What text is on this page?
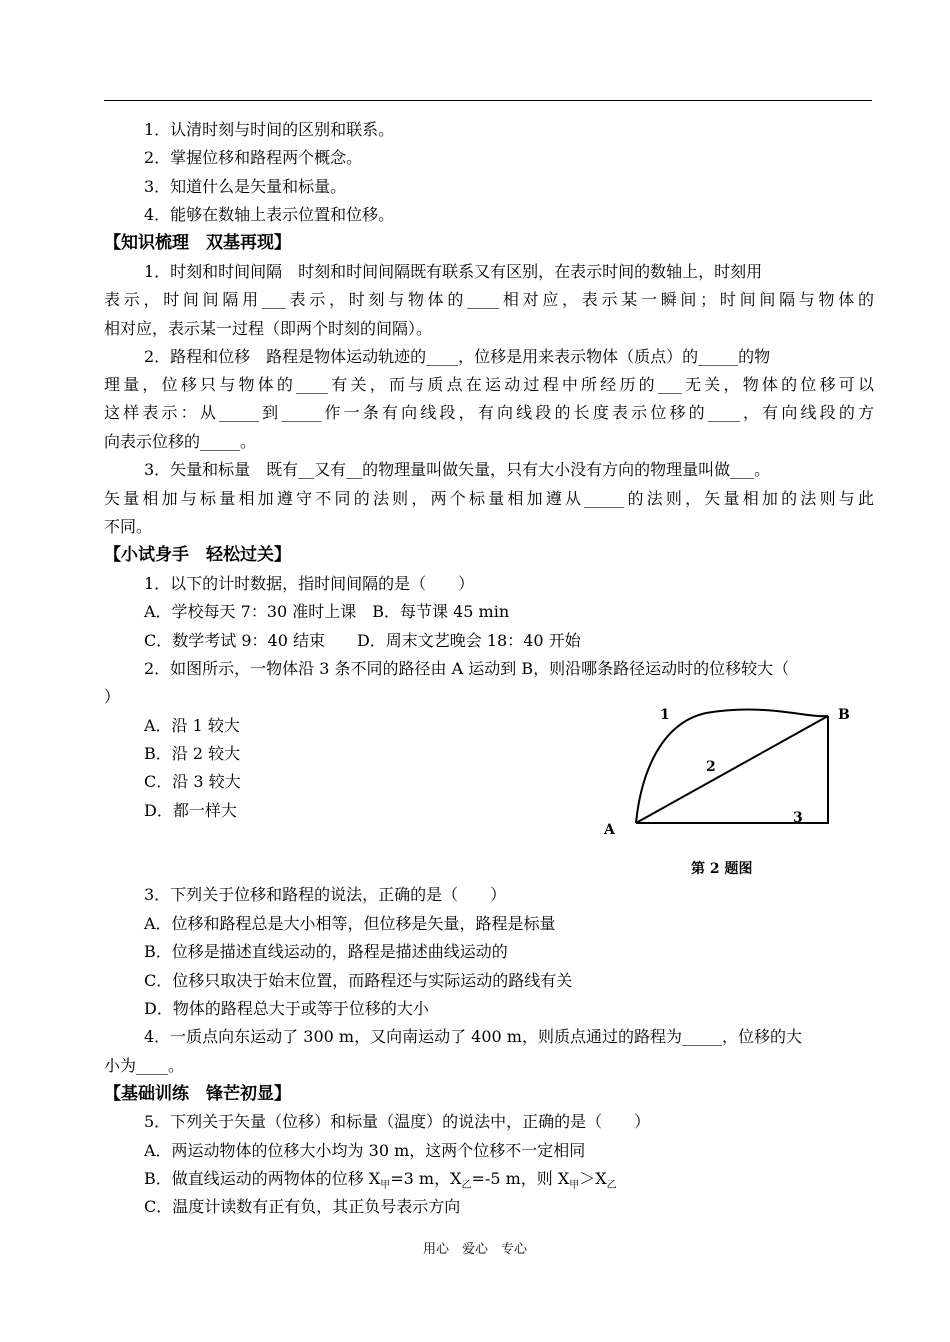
1．认清时刻与时间的区别和联系。
2．掌握位移和路程两个概念。
3．知道什么是矢量和标量。
4．能够在数轴上表示位置和位移。
【知识梳理　双基再现】
1．时刻和时间间隔　时刻和时间间隔既有联系又有区别，在表示时间的数轴上，时刻用
表示，时间间隔用___表示，时刻与物体的____相对应，表示某一瞬间；时间间隔与物体的
相对应，表示某一过程（即两个时刻的间隔）。
2．路程和位移　路程是物体运动轨迹的____，位移是用来表示物体（质点）的_____的物
理量，位移只与物体的____有关，而与质点在运动过程中所经历的___无关，物体的位移可以
这样表示：从_____到_____作一条有向线段，有向线段的长度表示位移的____，有向线段的方
向表示位移的_____。
3．矢量和标量　既有__又有__的物理量叫做矢量，只有大小没有方向的物理量叫做___。
矢量相加与标量相加遵守不同的法则，两个标量相加遵从_____的法则，矢量相加的法则与此
不同。
【小试身手　轻松过关】
1．以下的计时数据，指时间间隔的是（　　）
A．学校每天 7：30 准时上课　B．每节课 45 min
C．数学考试 9：40 结束　　D．周末文艺晚会 18：40 开始
2．如图所示，一物体沿 3 条不同的路径由 A 运动到 B，则沿哪条路径运动时的位移较大（
）
A．沿 1 较大
B．沿 2 较大
C．沿 3 较大
D．都一样大
1
2
3
A
B
第 2 题图
3．下列关于位移和路程的说法，正确的是（　　）
A．位移和路程总是大小相等，但位移是矢量，路程是标量
B．位移是描述直线运动的，路程是描述曲线运动的
C．位移只取决于始末位置，而路程还与实际运动的路线有关
D．物体的路程总大于或等于位移的大小
4．一质点向东运动了 300 m，又向南运动了 400 m，则质点通过的路程为_____，位移的大
小为____。
【基础训练　锋芒初显】
5．下列关于矢量（位移）和标量（温度）的说法中，正确的是（　　）
A．两运动物体的位移大小均为 30 m，这两个位移不一定相同
B．做直线运动的两物体的位移 $X_甲=3$ m，$X_乙=-5$ m，则 $X_甲>X_乙$
C．温度计读数有正有负，其正负号表示方向
用心　爱心　专心
